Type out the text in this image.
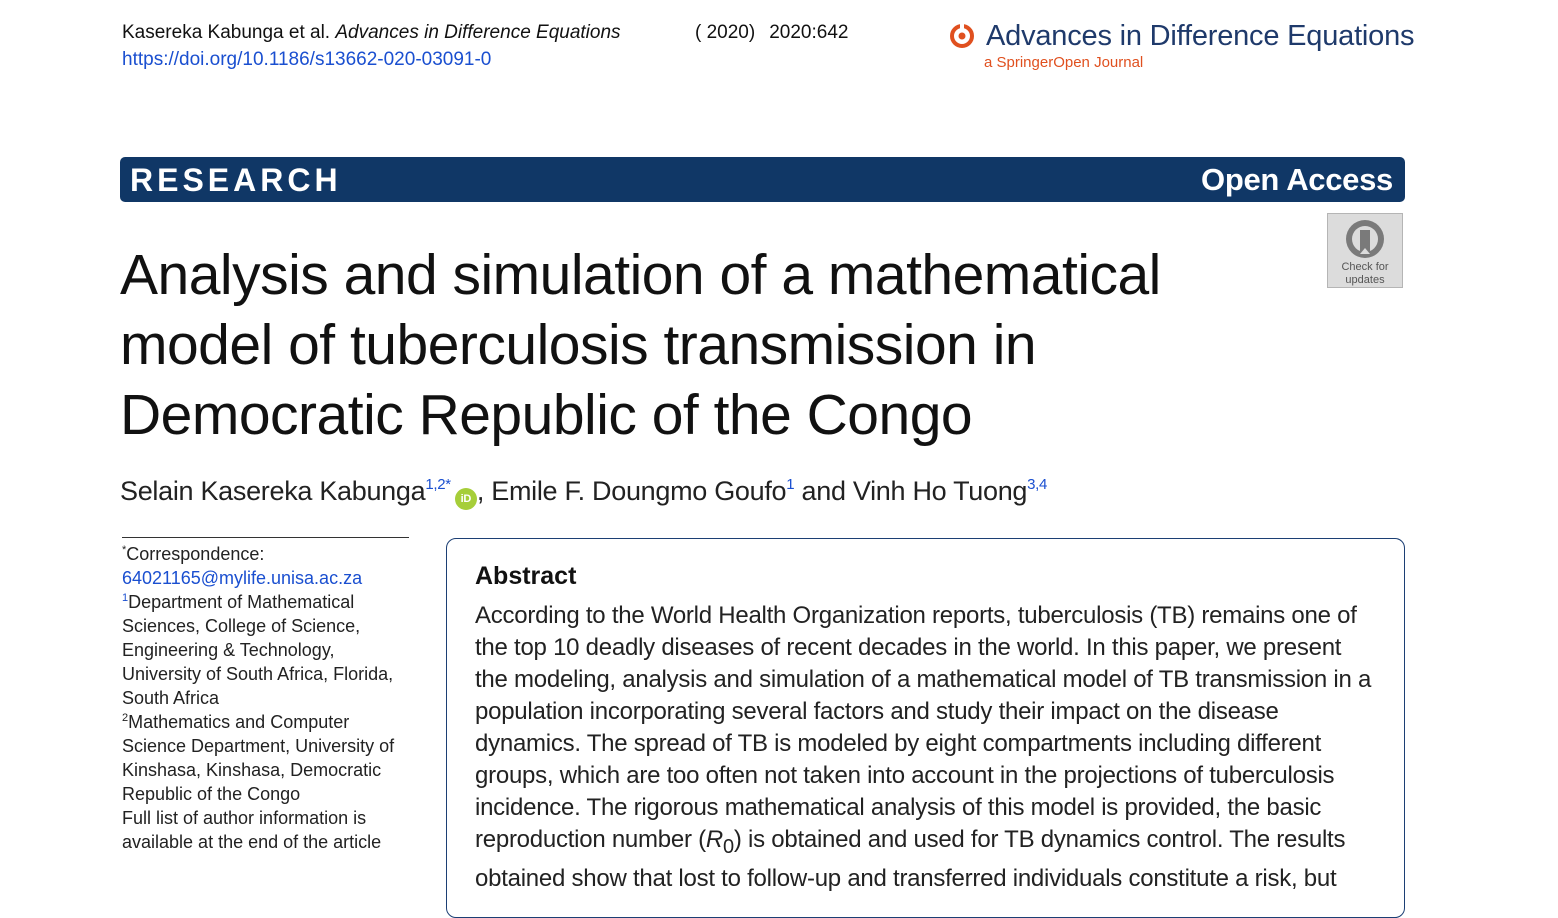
Kasereka Kabunga et al. Advances in Difference Equations	( 2020) 2020:642
https://doi.org/10.1186/s13662-020-03091-0
Advances in Difference Equations
a SpringerOpen Journal
RESEARCH	Open Access
Check for
updates
Analysis and simulation of a mathematical
model of tuberculosis transmission in
Democratic Republic of the Congo
Selain Kasereka Kabunga$^{1,2*}$iD , Emile F. Doungmo Goufo$^1$ and Vinh Ho Tuong$^{3,4}$

*Correspondence:

64021165@mylife.unisa.ac.za

$^1$Department of Mathematical Sciences, College of Science, Engineering & Technology, University of South Africa, Florida, South Africa

$^2$Mathematics and Computer Science Department, University of Kinshasa, Kinshasa, Democratic Republic of the Congo

Full list of author information is available at the end of the article

Abstract

According to the World Health Organization reports, tuberculosis (TB) remains one of the top 10 deadly diseases of recent decades in the world. In this paper, we present the modeling, analysis and simulation of a mathematical model of TB transmission in a population incorporating several factors and study their impact on the disease dynamics. The spread of TB is modeled by eight compartments including different groups, which are too often not taken into account in the projections of tuberculosis incidence. The rigorous mathematical analysis of this model is provided, the basic reproduction number $(R_0)$ is obtained and used for TB dynamics control. The results obtained show that lost to follow-up and transferred individuals constitute a risk, but
